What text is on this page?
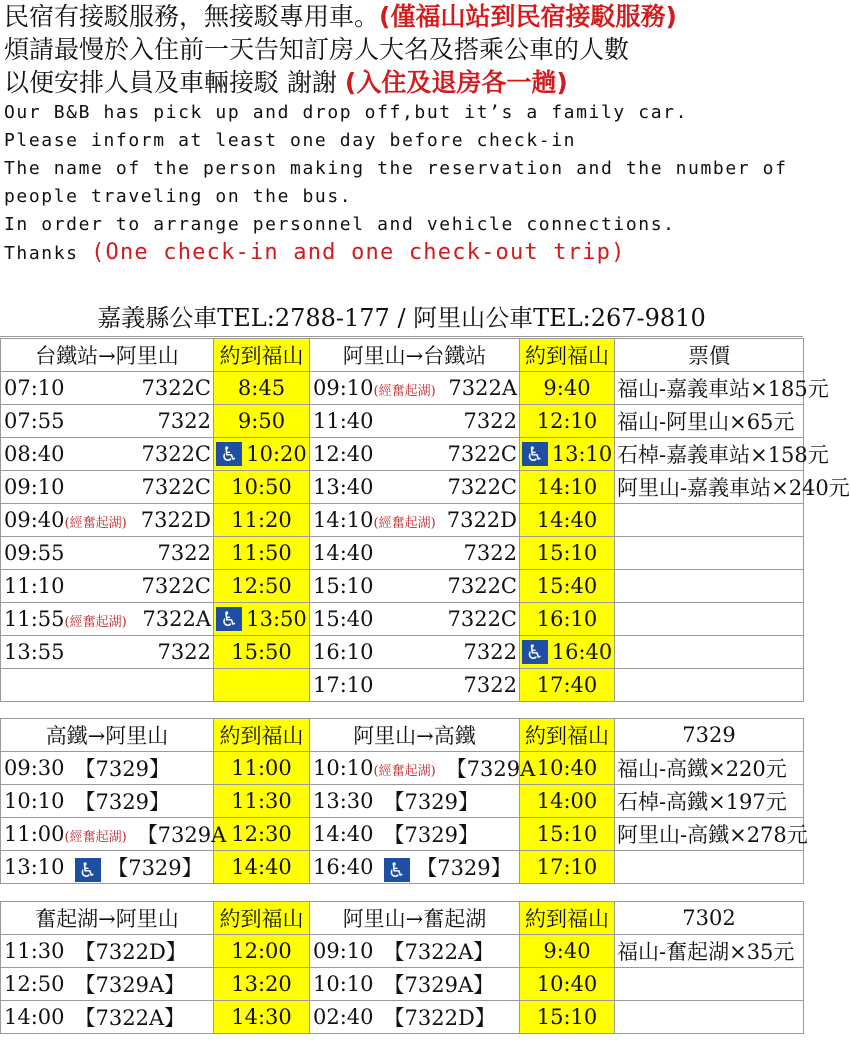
民宿有接駁服務，無接駁專用車。(僅福山站到民宿接駁服務)
煩請最慢於入住前一天告知訂房人大名及搭乘公車的人數
以便安排人員及車輛接駁 謝謝 (入住及退房各一趟)
Our B&B has pick up and drop off,but it’s a family car.
Please inform at least one day before check-in
The name of the person making the reservation and the number of
people traveling on the bus.
In order to arrange personnel and vehicle connections.
Thanks (One check-in and one check-out trip)
嘉義縣公車TEL:2788-177 / 阿里山公車TEL:267-9810
台鐵站→阿里山	約到福山	阿里山→台鐵站	約到福山	票價

07:10 7322C	8:45	09:10(經奮起湖) 7322A	9:40	福山-嘉義車站×185元

07:55 7322	9:50	11:40 7322	12:10	福山-阿里山×65元

08:40 7322C	♿ 10:20	12:40 7322C	♿ 13:10	石棹-嘉義車站×158元

09:10 7322C	10:50	13:40 7322C	14:10	阿里山-嘉義車站×240元

09:40(經奮起湖) 7322D	11:20	14:10(經奮起湖) 7322D	14:40	

09:55 7322	11:50	14:40 7322	15:10	

11:10 7322C	12:50	15:10 7322C	15:40	

11:55(經奮起湖) 7322A	♿ 13:50	15:40 7322C	16:10	

13:55 7322	15:50	16:10 7322	♿ 16:40	

		17:10 7322	17:40	

高鐵→阿里山	約到福山	阿里山→高鐵	約到福山	7329

09:30 【7329】	11:00	10:10(經奮起湖) 【7329A	10:40	福山-高鐵×220元

10:10 【7329】	11:30	13:30 【7329】	14:00	石棹-高鐵×197元

11:00(經奮起湖) 【7329A	12:30	14:40 【7329】	15:10	阿里山-高鐵×278元

13:10 ♿ 【7329】	14:40	16:40 ♿ 【7329】	17:10	

奮起湖→阿里山	約到福山	阿里山→奮起湖	約到福山	7302

11:30 【7322D】	12:00	09:10 【7322A】	9:40	福山-奮起湖×35元

12:50 【7329A】	13:20	10:10 【7329A】	10:40	

14:00 【7322A】	14:30	02:40 【7322D】	15:10	
